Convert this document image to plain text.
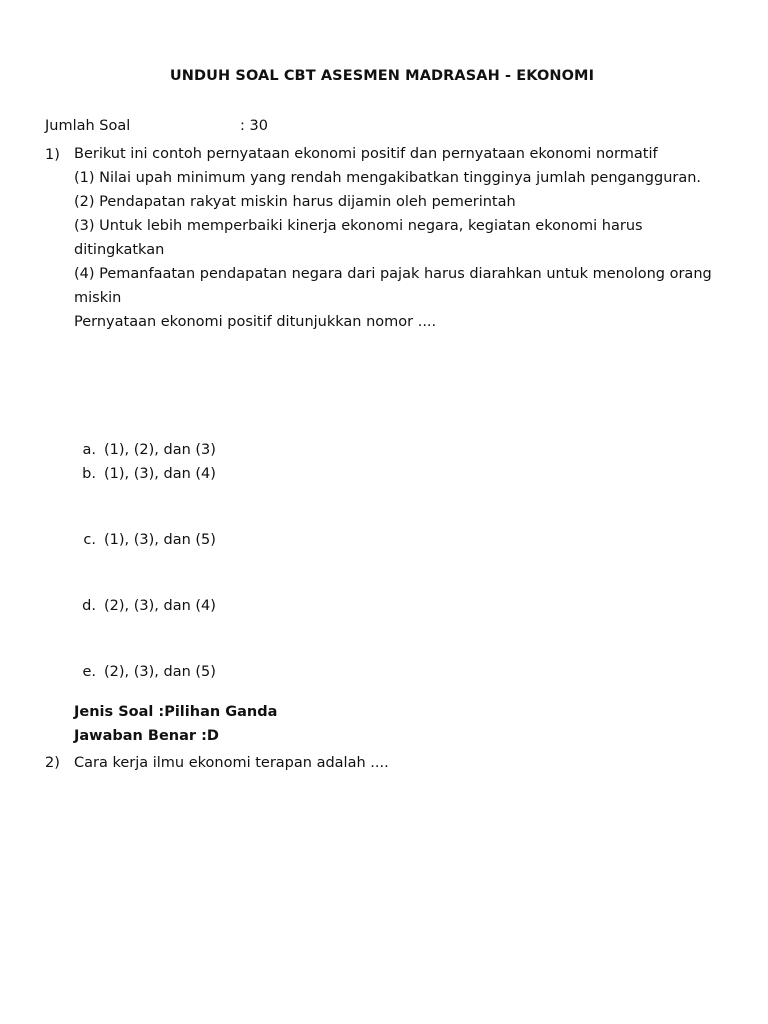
UNDUH SOAL CBT ASESMEN MADRASAH - EKONOMI
Jumlah Soal	: 30
1) Berikut ini contoh pernyataan ekonomi positif dan pernyataan ekonomi normatif

(1) Nilai upah minimum yang rendah mengakibatkan tingginya jumlah pengangguran.

(2) Pendapatan rakyat miskin harus dijamin oleh pemerintah

(3) Untuk lebih memperbaiki kinerja ekonomi negara, kegiatan ekonomi harus ditingkatkan

(4) Pemanfaatan pendapatan negara dari pajak harus diarahkan untuk menolong orang miskin

Pernyataan ekonomi positif ditunjukkan nomor ....

a. (1), (2), dan (3)
b. (1), (3), dan (4)
c. (1), (3), dan (5)
d. (2), (3), dan (4)
e. (2), (3), dan (5)
Jenis Soal :Pilihan Ganda
Jawaban Benar :D
2) Cara kerja ilmu ekonomi terapan adalah ....
